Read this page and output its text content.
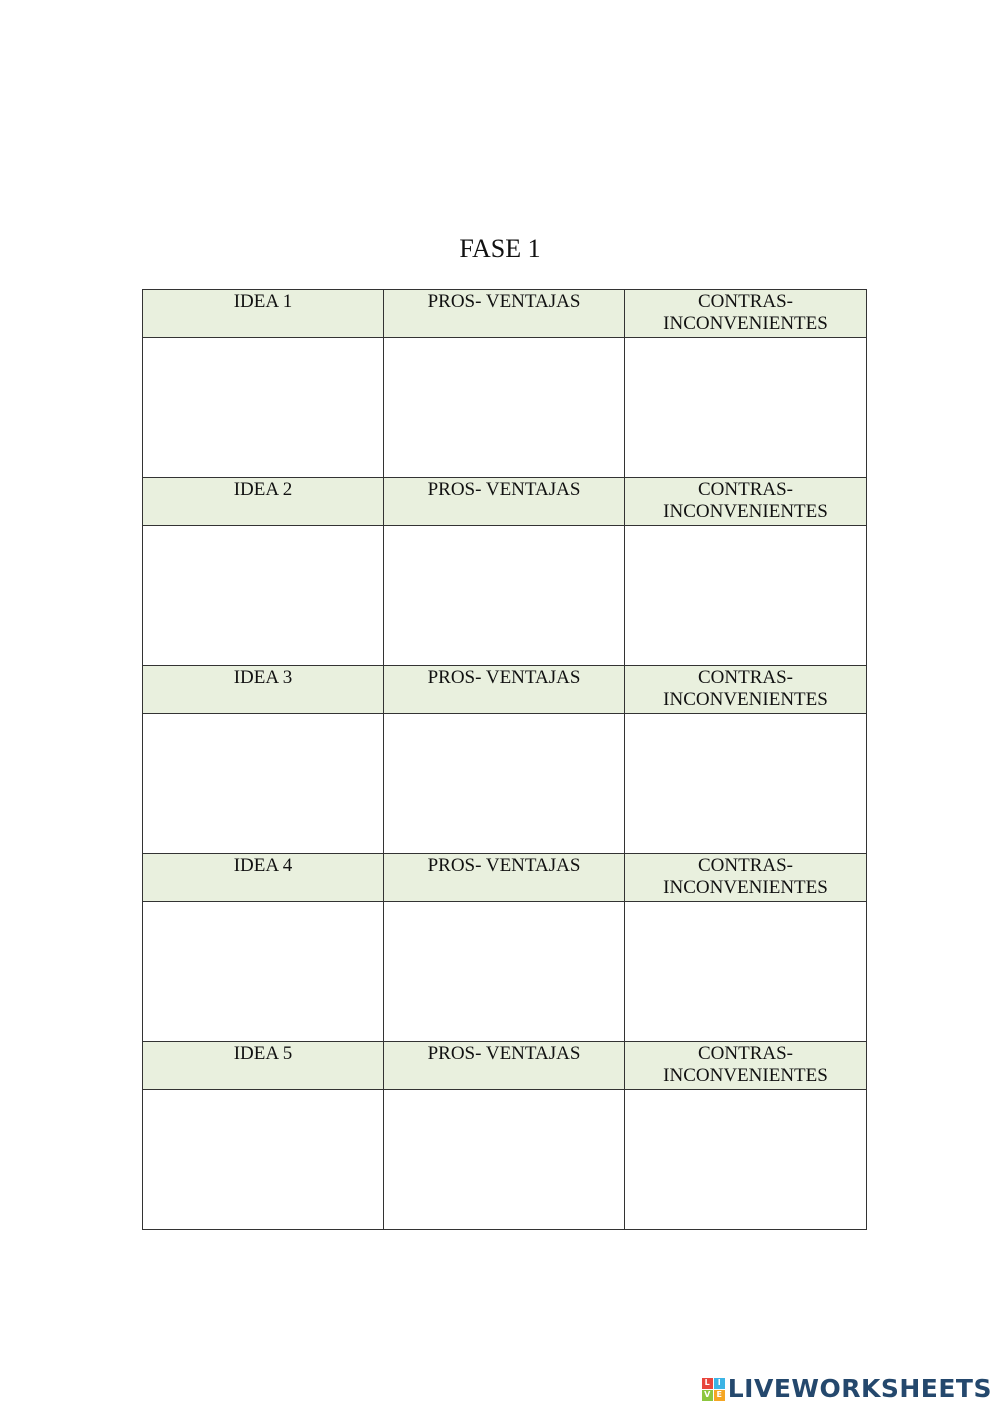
FASE 1
IDEA 1	PROS- VENTAJAS	CONTRAS-
INCONVENIENTES

IDEA 2	PROS- VENTAJAS	CONTRAS-
INCONVENIENTES

IDEA 3	PROS- VENTAJAS	CONTRAS-
INCONVENIENTES

IDEA 4	PROS- VENTAJAS	CONTRAS-
INCONVENIENTES

IDEA 5	PROS- VENTAJAS	CONTRAS-
INCONVENIENTES

L I
V E LIVEWORKSHEETS
